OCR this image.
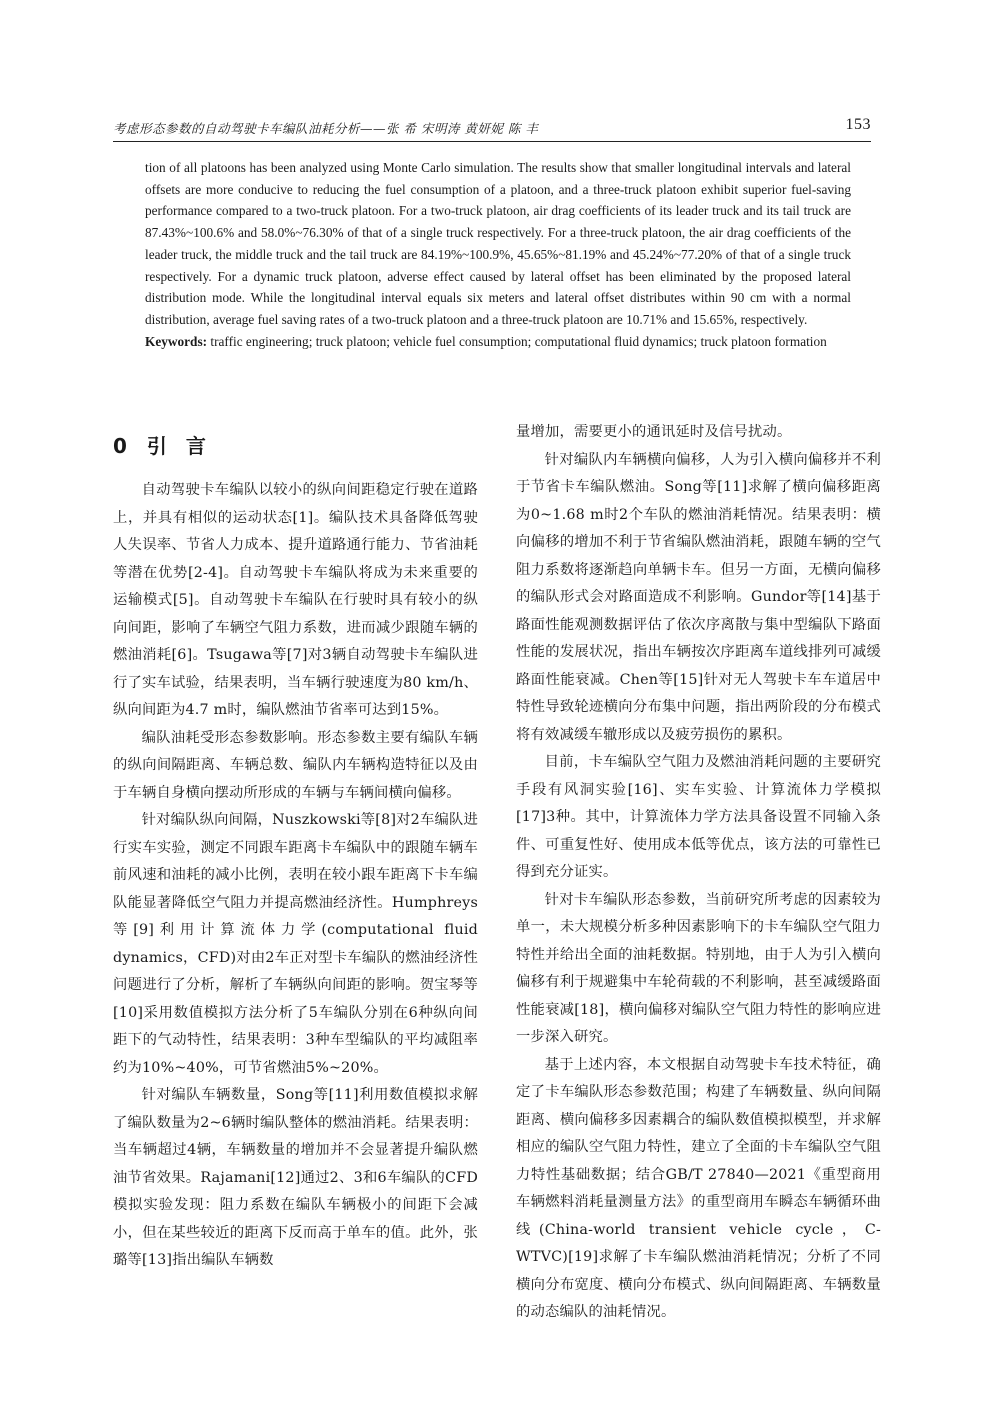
考虑形态参数的自动驾驶卡车编队油耗分析——张 希 宋明涛 黄妍妮 陈 丰	153

tion of all platoons has been analyzed using Monte Carlo simulation. The results show that smaller longitudinal intervals and lateral offsets are more conducive to reducing the fuel consumption of a platoon, and a three-truck platoon exhibit superior fuel-saving performance compared to a two-truck platoon. For a two-truck platoon, air drag coefficients of its leader truck and its tail truck are 87.43%~100.6% and 58.0%~76.30% of that of a single truck respectively. For a three-truck platoon, the air drag coefficients of the leader truck, the middle truck and the tail truck are 84.19%~100.9%, 45.65%~81.19% and 45.24%~77.20% of that of a single truck respectively. For a dynamic truck platoon, adverse effect caused by lateral offset has been eliminated by the proposed lateral distribution mode. While the longitudinal interval equals six meters and lateral offset distributes within 90 cm with a normal distribution, average fuel saving rates of a two-truck platoon and a three-truck platoon are 10.71% and 15.65%, respectively.

Keywords: traffic engineering; truck platoon; vehicle fuel consumption; computational fluid dynamics; truck platoon formation

0 引 言

自动驾驶卡车编队以较小的纵向间距稳定行驶在道路上，并具有相似的运动状态[1]。编队技术具备降低驾驶人失误率、节省人力成本、提升道路通行能力、节省油耗等潜在优势[2-4]。自动驾驶卡车编队将成为未来重要的运输模式[5]。自动驾驶卡车编队在行驶时具有较小的纵向间距，影响了车辆空气阻力系数，进而减少跟随车辆的燃油消耗[6]。Tsugawa等[7]对3辆自动驾驶卡车编队进行了实车试验，结果表明，当车辆行驶速度为80 km/h、纵向间距为4.7 m时，编队燃油节省率可达到15%。

编队油耗受形态参数影响。形态参数主要有编队车辆的纵向间隔距离、车辆总数、编队内车辆构造特征以及由于车辆自身横向摆动所形成的车辆与车辆间横向偏移。

针对编队纵向间隔，Nuszkowski等[8]对2车编队进行实车实验，测定不同跟车距离卡车编队中的跟随车辆车前风速和油耗的减小比例，表明在较小跟车距离下卡车编队能显著降低空气阻力并提高燃油经济性。Humphreys等[9]利用计算流体力学(computational fluid dynamics，CFD)对由2车正对型卡车编队的燃油经济性问题进行了分析，解析了车辆纵向间距的影响。贺宝琴等[10]采用数值模拟方法分析了5车编队分别在6种纵向间距下的气动特性，结果表明：3种车型编队的平均减阻率约为10%~40%，可节省燃油5%~20%。

针对编队车辆数量，Song等[11]利用数值模拟求解了编队数量为2~6辆时编队整体的燃油消耗。结果表明：当车辆超过4辆，车辆数量的增加并不会显著提升编队燃油节省效果。Rajamani[12]通过2、3和6车编队的CFD模拟实验发现：阻力系数在编队车辆极小的间距下会减小，但在某些较近的距离下反而高于单车的值。此外，张璐等[13]指出编队车辆数

量增加，需要更小的通讯延时及信号扰动。

针对编队内车辆横向偏移，人为引入横向偏移并不利于节省卡车编队燃油。Song等[11]求解了横向偏移距离为0~1.68 m时2个车队的燃油消耗情况。结果表明：横向偏移的增加不利于节省编队燃油消耗，跟随车辆的空气阻力系数将逐渐趋向单辆卡车。但另一方面，无横向偏移的编队形式会对路面造成不利影响。Gundor等[14]基于路面性能观测数据评估了依次序离散与集中型编队下路面性能的发展状况，指出车辆按次序距离车道线排列可减缓路面性能衰减。Chen等[15]针对无人驾驶卡车车道居中特性导致轮迹横向分布集中问题，指出两阶段的分布模式将有效减缓车辙形成以及疲劳损伤的累积。

目前，卡车编队空气阻力及燃油消耗问题的主要研究手段有风洞实验[16]、实车实验、计算流体力学模拟[17]3种。其中，计算流体力学方法具备设置不同输入条件、可重复性好、使用成本低等优点，该方法的可靠性已得到充分证实。

针对卡车编队形态参数，当前研究所考虑的因素较为单一，未大规模分析多种因素影响下的卡车编队空气阻力特性并给出全面的油耗数据。特别地，由于人为引入横向偏移有利于规避集中车轮荷载的不利影响，甚至减缓路面性能衰减[18]，横向偏移对编队空气阻力特性的影响应进一步深入研究。

基于上述内容，本文根据自动驾驶卡车技术特征，确定了卡车编队形态参数范围；构建了车辆数量、纵向间隔距离、横向偏移多因素耦合的编队数值模拟模型，并求解相应的编队空气阻力特性，建立了全面的卡车编队空气阻力特性基础数据；结合GB/T 27840—2021《重型商用车辆燃料消耗量测量方法》的重型商用车瞬态车辆循环曲线(China-world transient vehicle cycle，C-WTVC)[19]求解了卡车编队燃油消耗情况；分析了不同横向分布宽度、横向分布模式、纵向间隔距离、车辆数量的动态编队的油耗情况。
